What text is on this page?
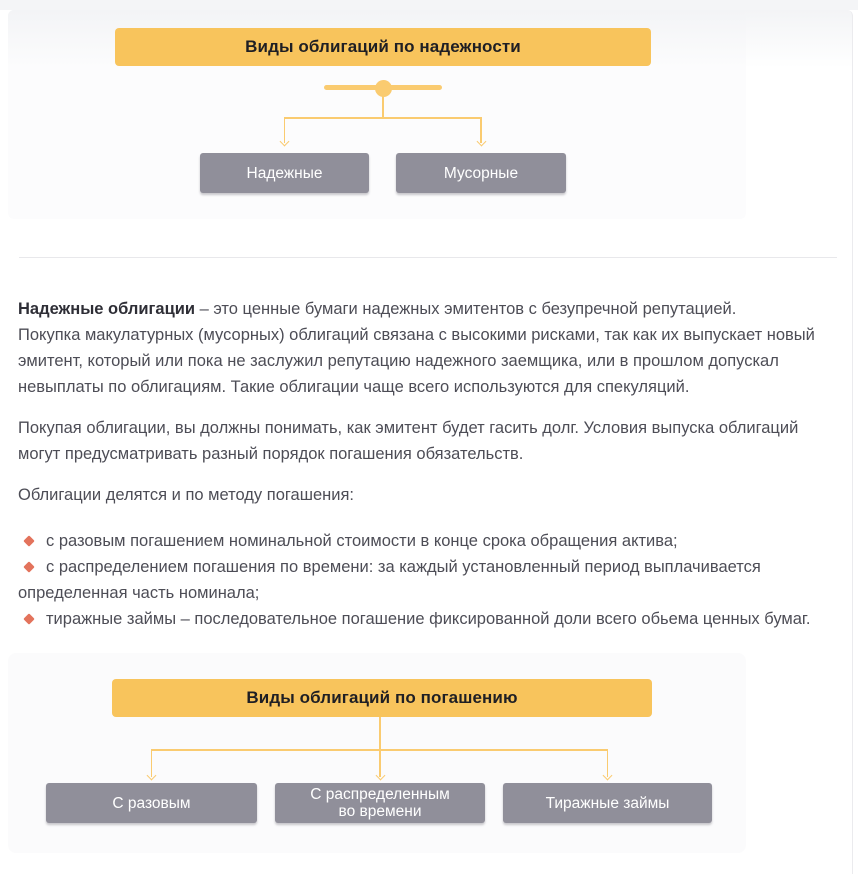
Виды облигаций по надежности
Надежные	Мусорные

Надежные облигации – это ценные бумаги надежных эмитентов с безупречной репутацией.
Покупка макулатурных (мусорных) облигаций связана с высокими рисками, так как их выпускает новый эмитент, который или пока не заслужил репутацию надежного заемщика, или в прошлом допускал невыплаты по облигациям. Такие облигации чаще всего используются для спекуляций.

Покупая облигации, вы должны понимать, как эмитент будет гасить долг. Условия выпуска облигаций могут предусматривать разный порядок погашения обязательств.

Облигации делятся и по методу погашения:

с разовым погашением номинальной стоимости в конце срока обращения актива;
с распределением погашения по времени: за каждый установленный период выплачивается определенная часть номинала;
тиражные займы – последовательное погашение фиксированной доли всего обьема ценных бумаг.
Виды облигаций по погашению
С разовым	С распределенным во времени	Тиражные займы
